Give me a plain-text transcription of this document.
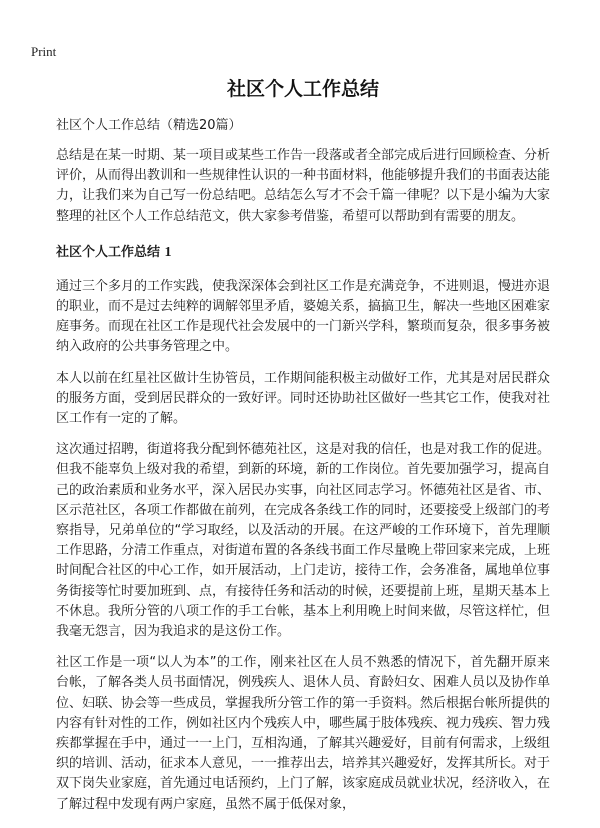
Print
社区个人工作总结

社区个人工作总结（精选20篇）

总结是在某一时期、某一项目或某些工作告一段落或者全部完成后进行回顾检查、分析评价，从而得出教训和一些规律性认识的一种书面材料，他能够提升我们的书面表达能力，让我们来为自己写一份总结吧。总结怎么写才不会千篇一律呢？以下是小编为大家整理的社区个人工作总结范文，供大家参考借鉴，希望可以帮助到有需要的朋友。

社区个人工作总结 1

通过三个多月的工作实践，使我深深体会到社区工作是充满竞争，不进则退，慢进亦退的职业，而不是过去纯粹的调解邻里矛盾，婆媳关系，搞搞卫生，解决一些地区困难家庭事务。而现在社区工作是现代社会发展中的一门新兴学科，繁琐而复杂，很多事务被纳入政府的公共事务管理之中。

本人以前在红星社区做计生协管员，工作期间能积极主动做好工作，尤其是对居民群众的服务方面，受到居民群众的一致好评。同时还协助社区做好一些其它工作，使我对社区工作有一定的了解。

这次通过招聘，街道将我分配到怀德苑社区，这是对我的信任，也是对我工作的促进。但我不能辜负上级对我的希望，到新的环境，新的工作岗位。首先要加强学习，提高自己的政治素质和业务水平，深入居民办实事，向社区同志学习。怀德苑社区是省、市、区示范社区，各项工作都做在前列，在完成各条线工作的同时，还要接受上级部门的考察指导，兄弟单位的“学习取经，以及活动的开展。在这严峻的工作环境下，首先理顺工作思路，分清工作重点，对街道布置的各条线书面工作尽量晚上带回家来完成，上班时间配合社区的中心工作，如开展活动，上门走访，接待工作，会务准备，属地单位事务街接等忙时要加班到、点，有接待任务和活动的时候，还要提前上班，星期天基本上不休息。我所分管的八项工作的手工台帐，基本上利用晚上时间来做，尽管这样忙，但我毫无怨言，因为我追求的是这份工作。

社区工作是一项“以人为本”的工作，刚来社区在人员不熟悉的情况下，首先翻开原来台帐，了解各类人员书面情况，例残疾人、退休人员、育龄妇女、困难人员以及协作单位、妇联、协会等一些成员，掌握我所分管工作的第一手资料。然后根据台帐所提供的内容有针对性的工作，例如社区内个残疾人中，哪些属于肢体残疾、视力残疾、智力残疾都掌握在手中，通过一一上门，互相沟通，了解其兴趣爱好，目前有何需求，上级组织的培训、活动，征求本人意见，一一推荐出去，培养其兴趣爱好，发挥其所长。对于双下岗失业家庭，首先通过电话预约，上门了解，该家庭成员就业状况，经济收入，在了解过程中发现有两户家庭，虽然不属于低保对象，
